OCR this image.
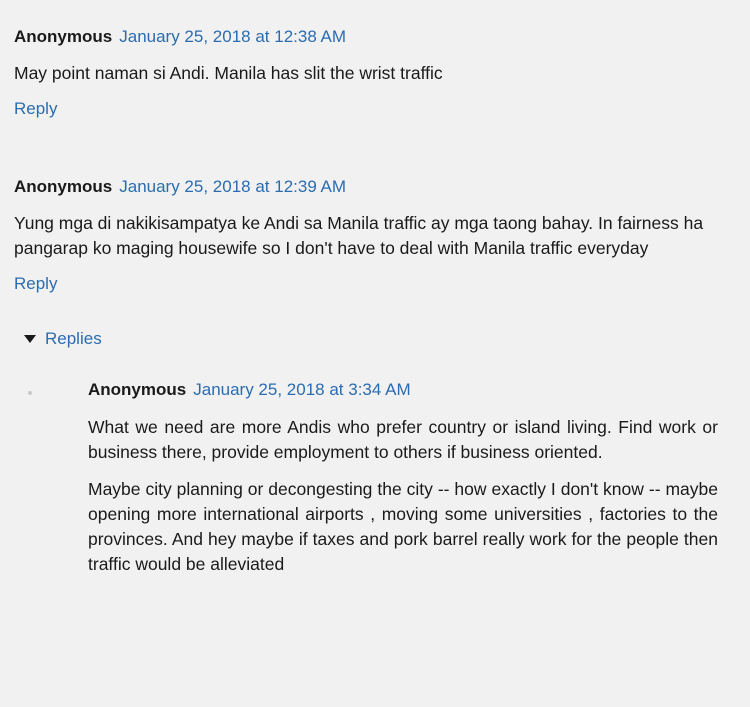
Anonymous January 25, 2018 at 12:38 AM

May point naman si Andi. Manila has slit the wrist traffic

Reply
Anonymous January 25, 2018 at 12:39 AM

Yung mga di nakikisampatya ke Andi sa Manila traffic ay mga taong bahay. In fairness ha pangarap ko maging housewife so I don't have to deal with Manila traffic everyday

Reply
Replies
Anonymous January 25, 2018 at 3:34 AM

What we need are more Andis who prefer country or island living. Find work or business there, provide employment to others if business oriented.

Maybe city planning or decongesting the city -- how exactly I don't know -- maybe opening more international airports , moving some universities , factories to the provinces. And hey maybe if taxes and pork barrel really work for the people then traffic would be alleviated
